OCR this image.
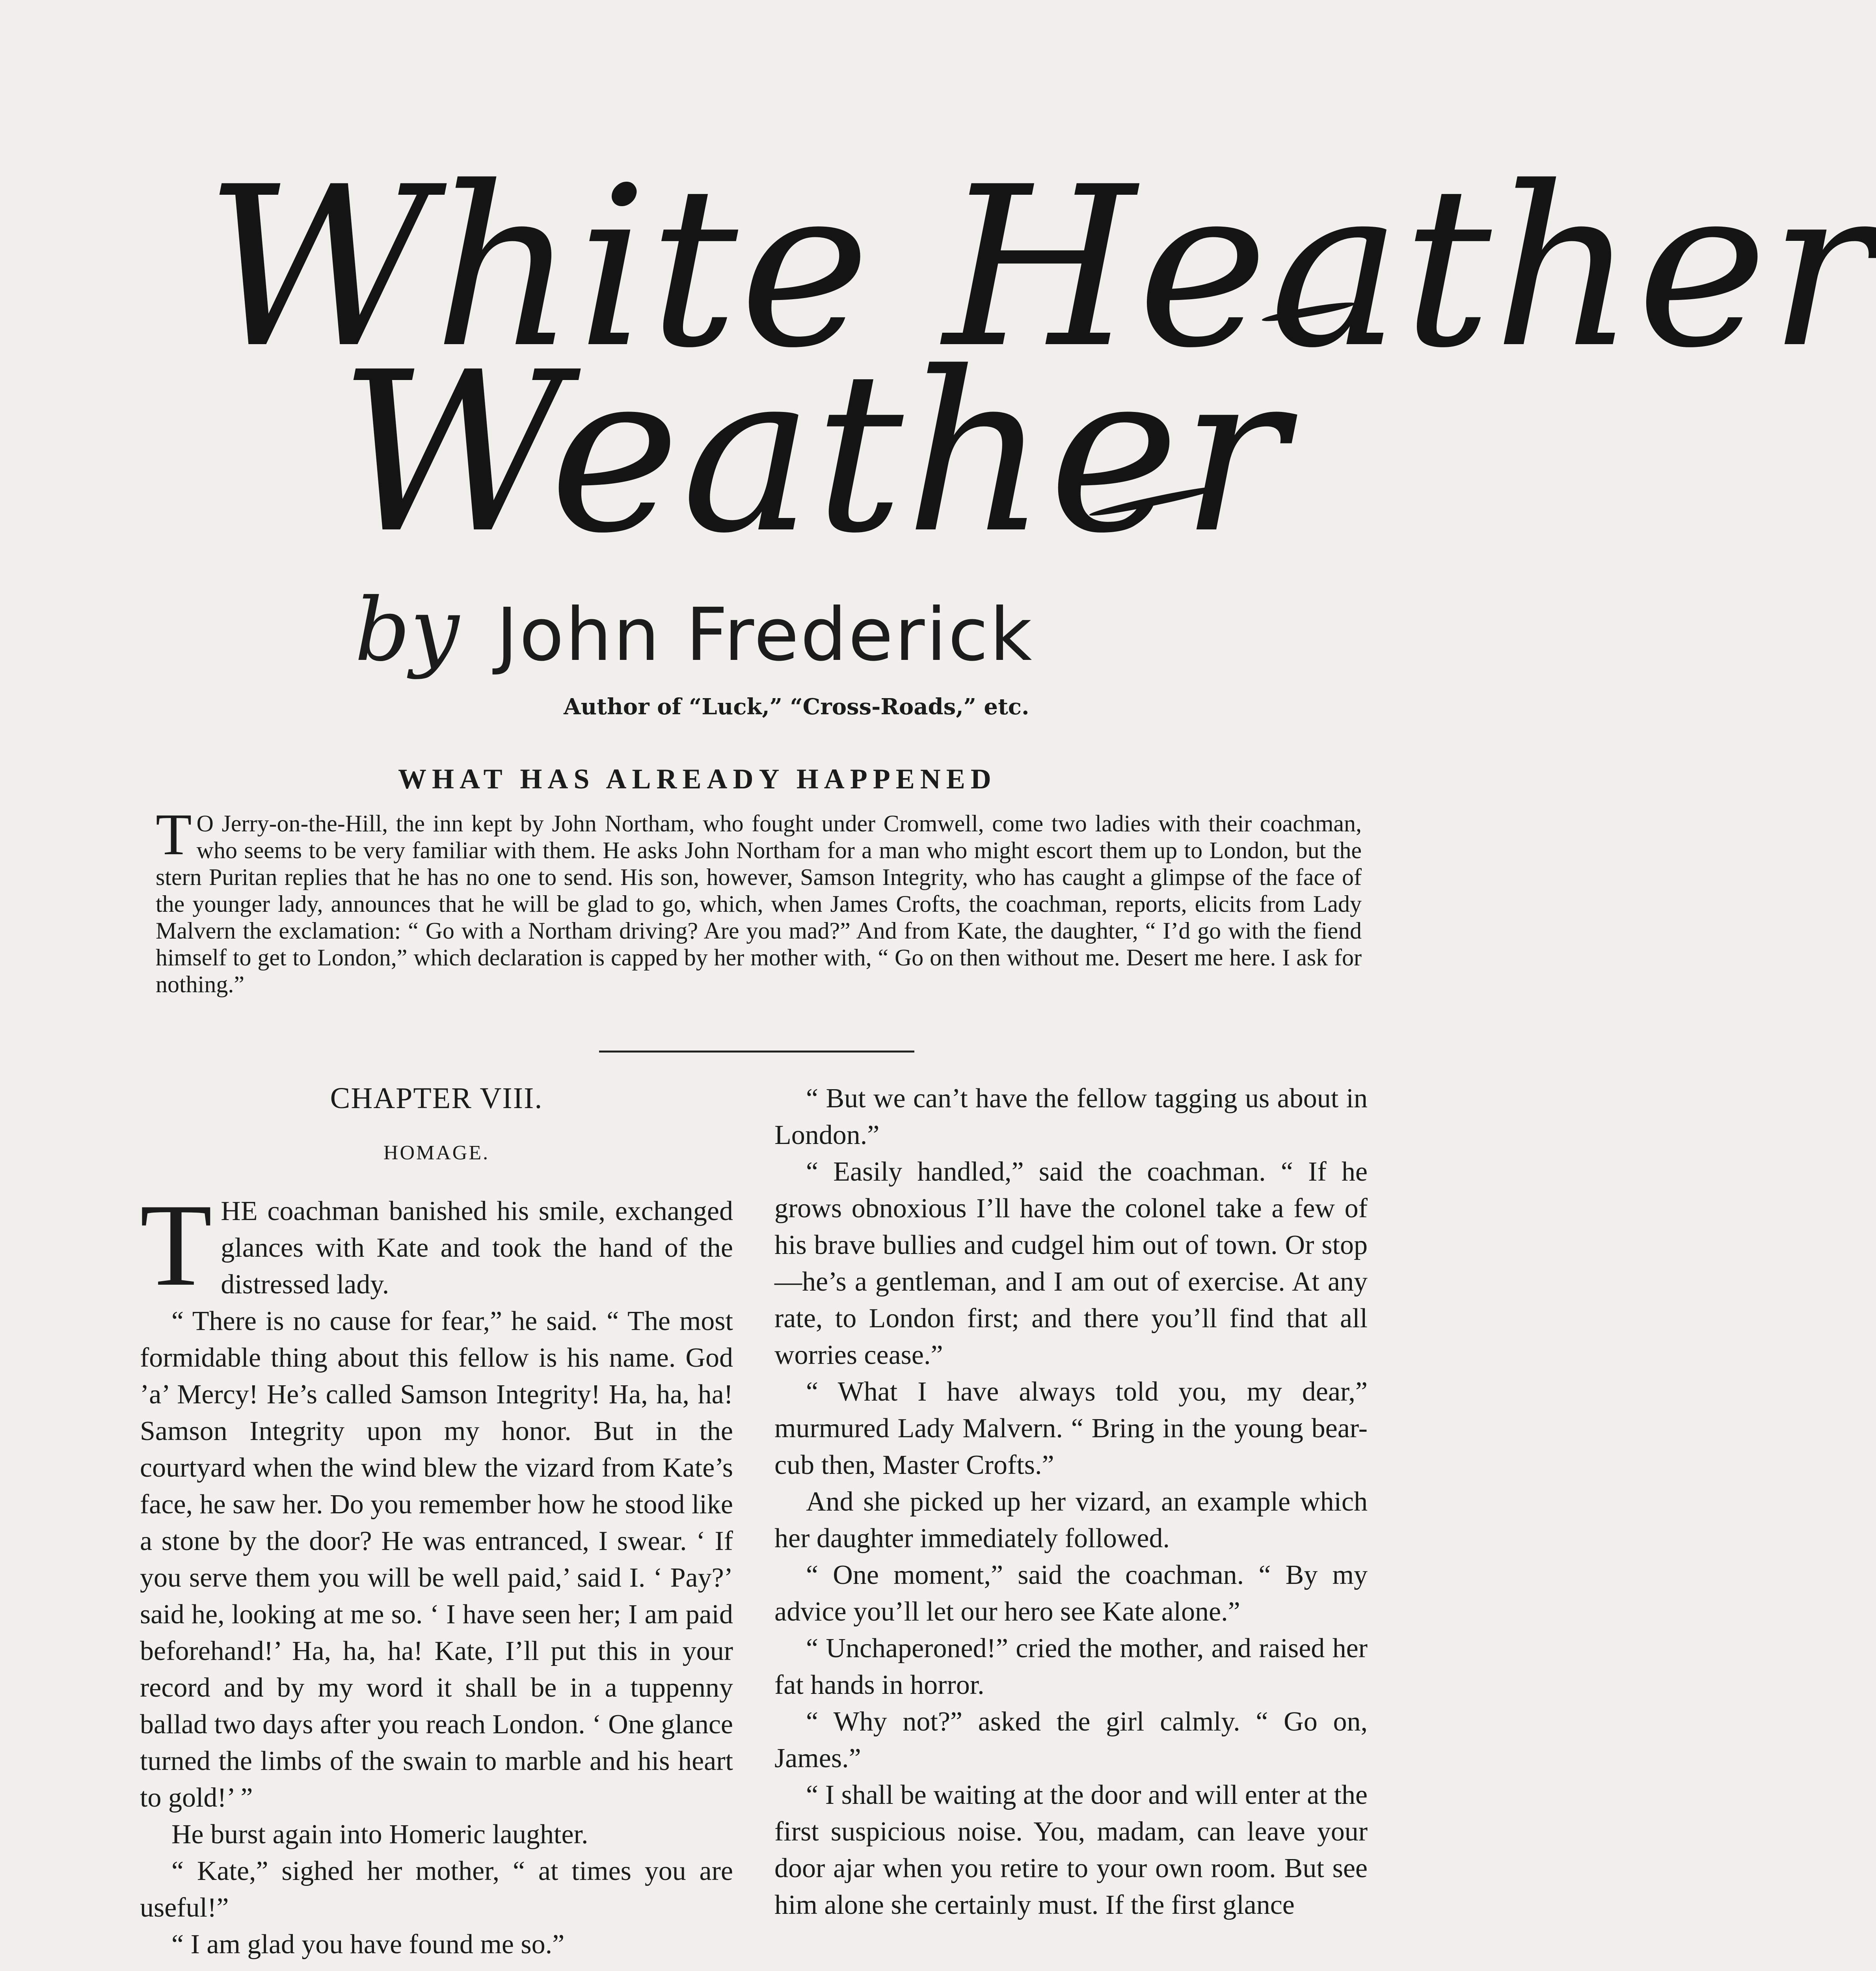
White Heather
Weather
by John Frederick
Author of “Luck,” “Cross-Roads,” etc.
WHAT HAS ALREADY HAPPENED

TO Jerry-on-the-Hill, the inn kept by John Northam, who fought under Cromwell, come two ladies with their coachman, who seems to be very familiar with them. He asks John Northam for a man who might escort them up to London, but the stern Puritan replies that he has no one to send. His son, however, Samson Integrity, who has caught a glimpse of the face of the younger lady, announces that he will be glad to go, which, when James Crofts, the coachman, reports, elicits from Lady Malvern the exclamation: “ Go with a Northam driving? Are you mad?” And from Kate, the daughter, “ I’d go with the fiend himself to get to London,” which declaration is capped by her mother with, “ Go on then without me. Desert me here. I ask for nothing.”

CHAPTER VIII.
HOMAGE.

THE coachman banished his smile, exchanged glances with Kate and took the hand of the distressed lady.

“ There is no cause for fear,” he said. “ The most formidable thing about this fellow is his name. God ’a’ Mercy! He’s called Samson Integrity! Ha, ha, ha! Samson Integrity upon my honor. But in the courtyard when the wind blew the vizard from Kate’s face, he saw her. Do you remember how he stood like a stone by the door? He was entranced, I swear. ‘ If you serve them you will be well paid,’ said I. ‘ Pay?’ said he, looking at me so. ‘ I have seen her; I am paid beforehand!’ Ha, ha, ha! Kate, I’ll put this in your record and by my word it shall be in a tuppenny ballad two days after you reach London. ‘ One glance turned the limbs of the swain to marble and his heart to gold!’ ”

He burst again into Homeric laughter.

“ Kate,” sighed her mother, “ at times you are useful!”

“ I am glad you have found me so.”

“ But we can’t have the fellow tagging us about in London.”

“ Easily handled,” said the coachman. “ If he grows obnoxious I’ll have the colonel take a few of his brave bullies and cudgel him out of town. Or stop—he’s a gentleman, and I am out of exercise. At any rate, to London first; and there you’ll find that all worries cease.”

“ What I have always told you, my dear,” murmured Lady Malvern. “ Bring in the young bear-cub then, Master Crofts.”

And she picked up her vizard, an example which her daughter immediately followed.

“ One moment,” said the coachman. “ By my advice you’ll let our hero see Kate alone.”

“ Unchaperoned!” cried the mother, and raised her fat hands in horror.

“ Why not?” asked the girl calmly. “ Go on, James.”

“ I shall be waiting at the door and will enter at the first suspicious noise. You, madam, can leave your door ajar when you retire to your own room. But see him alone she certainly must. If the first glance
